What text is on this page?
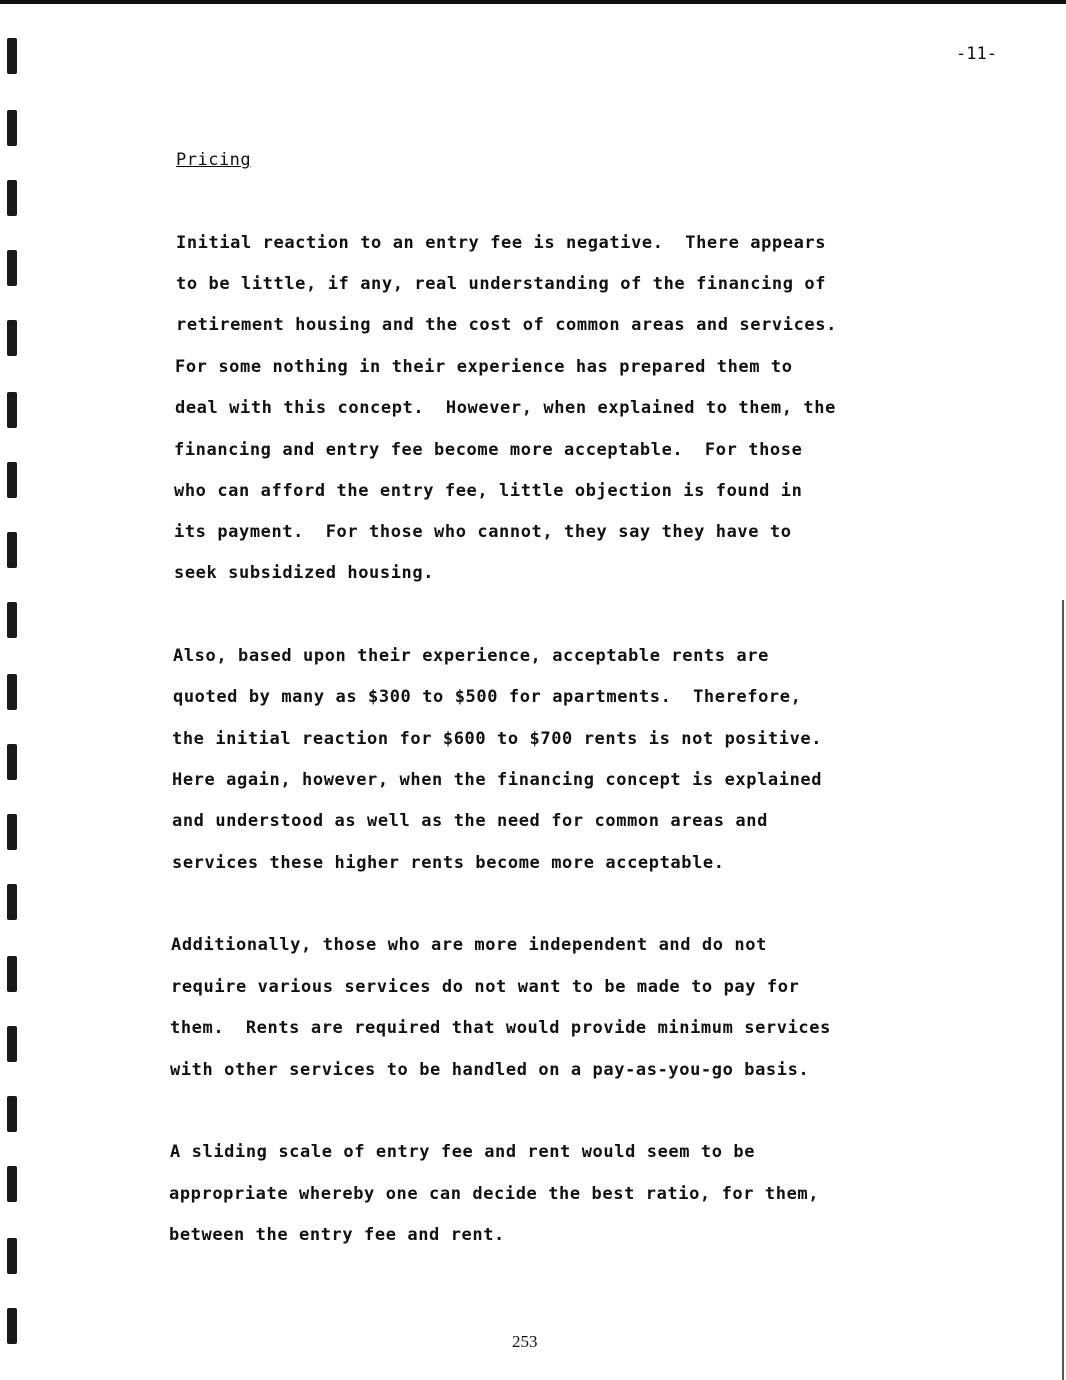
-11-
Pricing
Initial reaction to an entry fee is negative.  There appears
to be little, if any, real understanding of the financing of
retirement housing and the cost of common areas and services.
For some nothing in their experience has prepared them to
deal with this concept.  However, when explained to them, the
financing and entry fee become more acceptable.  For those
who can afford the entry fee, little objection is found in
its payment.  For those who cannot, they say they have to
seek subsidized housing.
Also, based upon their experience, acceptable rents are
quoted by many as $300 to $500 for apartments.  Therefore,
the initial reaction for $600 to $700 rents is not positive.
Here again, however, when the financing concept is explained
and understood as well as the need for common areas and
services these higher rents become more acceptable.
Additionally, those who are more independent and do not
require various services do not want to be made to pay for
them.  Rents are required that would provide minimum services
with other services to be handled on a pay-as-you-go basis.
A sliding scale of entry fee and rent would seem to be
appropriate whereby one can decide the best ratio, for them,
between the entry fee and rent.
253
